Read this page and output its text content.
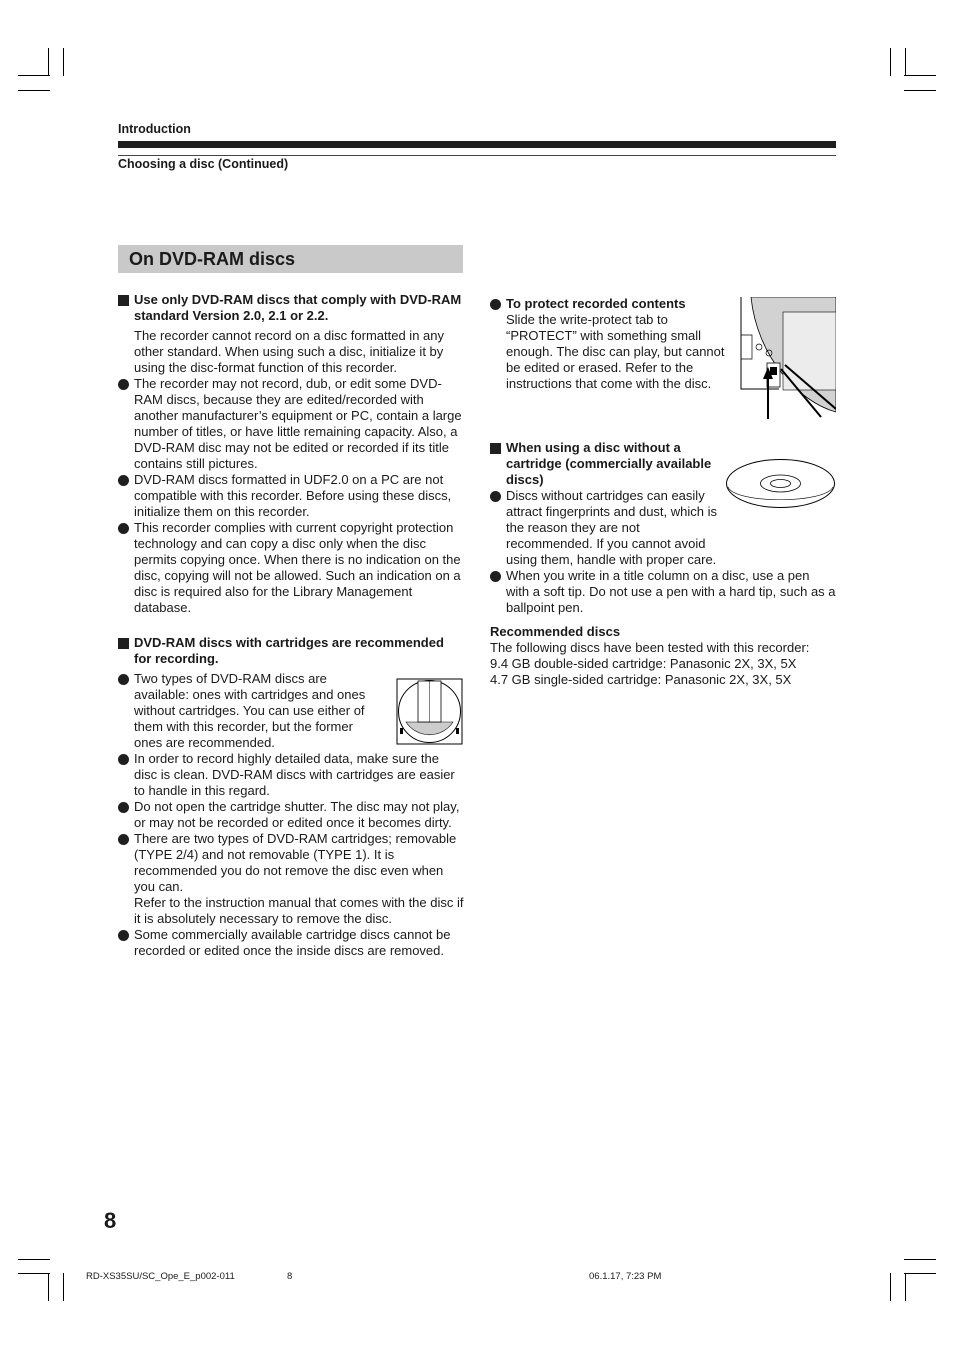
Introduction
Choosing a disc (Continued)
On DVD-RAM discs
Use only DVD-RAM discs that comply with DVD-RAM standard Version 2.0, 2.1 or 2.2.
The recorder cannot record on a disc formatted in any other standard. When using such a disc, initialize it by using the disc-format function of this recorder.
The recorder may not record, dub, or edit some DVD-RAM discs, because they are edited/recorded with another manufacturer’s equipment or PC, contain a large number of titles, or have little remaining capacity. Also, a DVD-RAM disc may not be edited or recorded if its title contains still pictures.
DVD-RAM discs formatted in UDF2.0 on a PC are not compatible with this recorder. Before using these discs, initialize them on this recorder.
This recorder complies with current copyright protection technology and can copy a disc only when the disc permits copying once. When there is no indication on the disc, copying will not be allowed. Such an indication on a disc is required also for the Library Management database.
DVD-RAM discs with cartridges are recommended for recording.
Two types of DVD-RAM discs are available: ones with cartridges and ones without cartridges. You can use either of them with this recorder, but the former ones are recommended.
In order to record highly detailed data, make sure the disc is clean. DVD-RAM discs with cartridges are easier to handle in this regard.
Do not open the cartridge shutter. The disc may not play, or may not be recorded or edited once it becomes dirty.
There are two types of DVD-RAM cartridges; removable (TYPE 2/4) and not removable (TYPE 1). It is recommended you do not remove the disc even when you can.
Refer to the instruction manual that comes with the disc if it is absolutely necessary to remove the disc.
Some commercially available cartridge discs cannot be recorded or edited once the inside discs are removed.
To protect recorded contents
Slide the write-protect tab to “PROTECT” with something small enough. The disc can play, but cannot be edited or erased. Refer to the instructions that come with the disc.
When using a disc without a cartridge (commercially available discs)
Discs without cartridges can easily attract fingerprints and dust, which is the reason they are not recommended. If you cannot avoid using them, handle with proper care.
When you write in a title column on a disc, use a pen with a soft tip. Do not use a pen with a hard tip, such as a ballpoint pen.
Recommended discs
The following discs have been tested with this recorder:
9.4 GB double-sided cartridge: Panasonic 2X, 3X, 5X
4.7 GB single-sided cartridge: Panasonic 2X, 3X, 5X
8
RD-XS35SU/SC_Ope_E_p002-011	8	06.1.17, 7:23 PM
